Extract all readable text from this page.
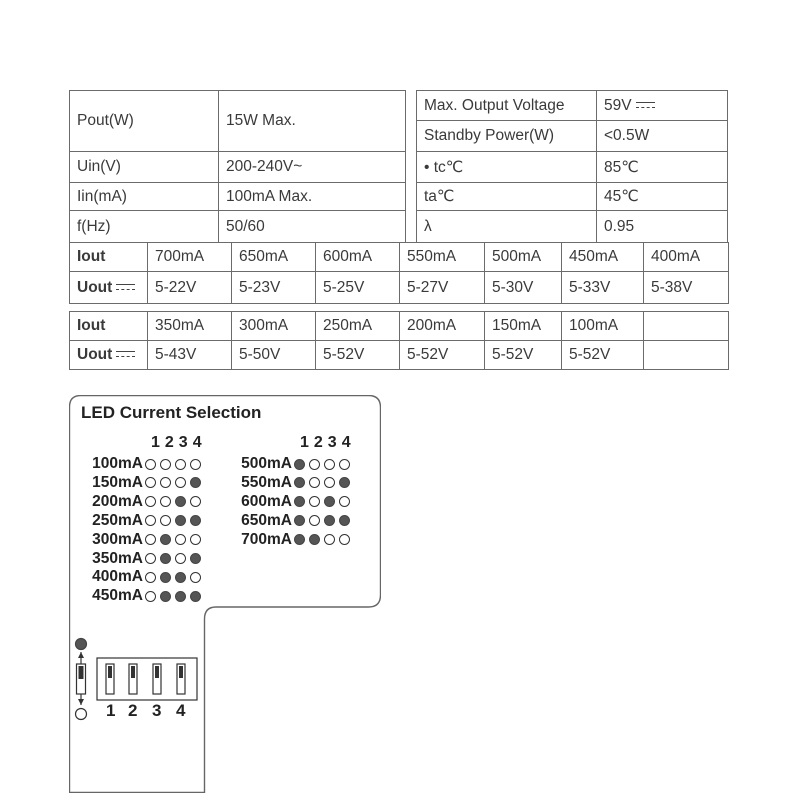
Pout(W)	15W Max.
Uin(V)	200-240V~
Iin(mA)	100mA Max.
f(Hz)	50/60
Max. Output Voltage	59V
Standby Power(W)	<0.5W
• tc℃	85℃
ta℃	45℃
λ	0.95
Iout	700mA	650mA	600mA	550mA	500mA	450mA	400mA
Uout	5-22V	5-23V	5-25V	5-27V	5-30V	5-33V	5-38V
Iout	350mA	300mA	250mA	200mA	150mA	100mA	
Uout	5-43V	5-50V	5-52V	5-52V	5-52V	5-52V	
LED Current Selection
1234	1234
100mA
150mA
200mA
250mA
300mA
350mA
400mA
450mA
500mA
550mA
600mA
650mA
700mA
1 2 3 4
